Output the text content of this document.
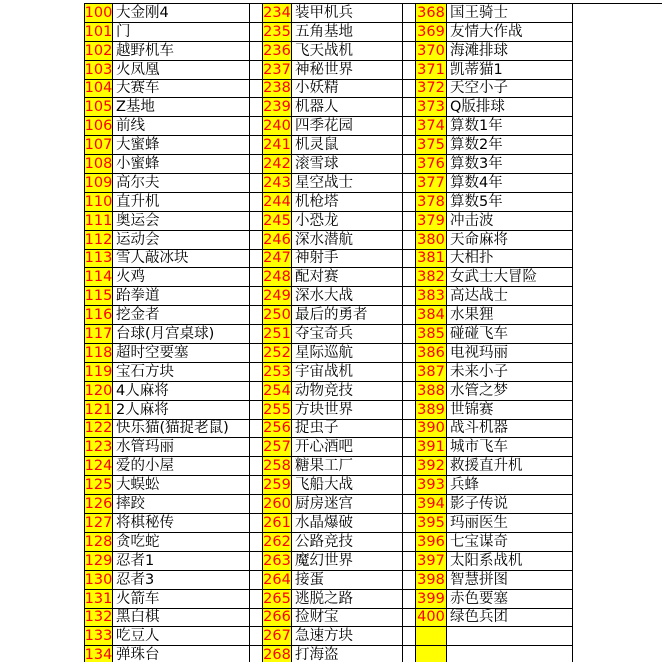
100 大金刚4	234 装甲机兵	368 国王骑士
101 门	235 五角基地	369 友情大作战
102 越野机车	236 飞天战机	370 海滩排球
103 火凤凰	237 神秘世界	371 凯蒂猫1
104 大赛车	238 小妖精	372 天空小子
105 Z基地	239 机器人	373 Q版排球
106 前线	240 四季花园	374 算数1年
107 大蜜蜂	241 机灵鼠	375 算数2年
108 小蜜蜂	242 滚雪球	376 算数3年
109 高尔夫	243 星空战士	377 算数4年
110 直升机	244 机枪塔	378 算数5年
111 奥运会	245 小恐龙	379 冲击波
112 运动会	246 深水潜航	380 天命麻将
113 雪人敲冰块	247 神射手	381 大相扑
114 火鸡	248 配对赛	382 女武士大冒险
115 跆拳道	249 深水大战	383 高达战士
116 挖金者	250 最后的勇者	384 水果狸
117 台球(月宫桌球)	251 夺宝奇兵	385 碰碰飞车
118 超时空要塞	252 星际巡航	386 电视玛丽
119 宝石方块	253 宇宙战机	387 未来小子
120 4人麻将	254 动物竞技	388 水管之梦
121 2人麻将	255 方块世界	389 世锦赛
122 快乐猫(猫捉老鼠)	256 捉虫子	390 战斗机器
123 水管玛丽	257 开心酒吧	391 城市飞车
124 爱的小屋	258 糖果工厂	392 救援直升机
125 大蜈蚣	259 飞船大战	393 兵蜂
126 摔跤	260 厨房迷宫	394 影子传说
127 将棋秘传	261 水晶爆破	395 玛丽医生
128 贪吃蛇	262 公路竞技	396 七宝谋奇
129 忍者1	263 魔幻世界	397 太阳系战机
130 忍者3	264 接蛋	398 智慧拼图
131 火箭车	265 逃脱之路	399 赤色要塞
132 黑白棋	266 捡财宝	400 绿色兵团
133 吃豆人	267 急速方块
134 弹珠台	268 打海盗
